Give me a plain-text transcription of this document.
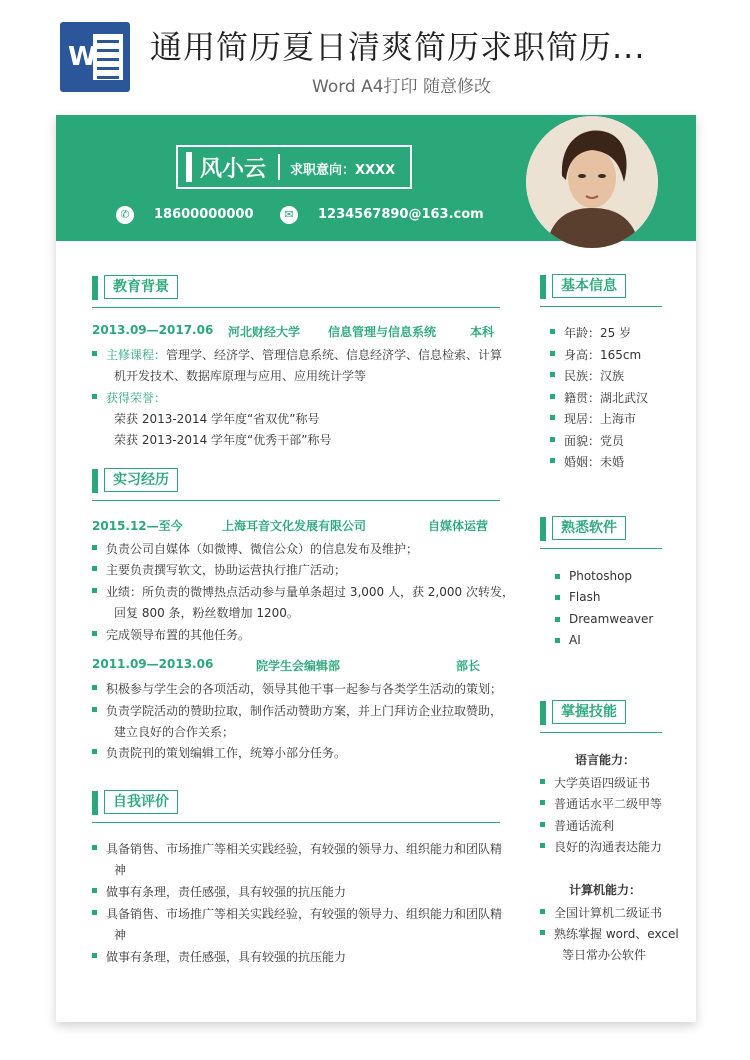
W 通用简历夏日清爽简历求职简历...
Word A4打印 随意修改
风小云 求职意向：XXXX
✆	18600000000	✉	1234567890@163.com
教育背景
2013.09—2017.06 河北财经大学 信息管理与信息系统	本科
主修课程：管理学、经济学、管理信息系统、信息经济学、信息检索、计算
机开发技术、数据库原理与应用、应用统计学等
获得荣誉：
荣获 2013-2014 学年度“省双优”称号
荣获 2013-2014 学年度“优秀干部”称号
实习经历
2015.12—至今	上海耳音文化发展有限公司	自媒体运营
负责公司自媒体（如微博、微信公众）的信息发布及维护；
主要负责撰写软文，协助运营执行推广活动；
业绩：所负责的微博热点活动参与量单条超过 3,000 人，获 2,000 次转发，
回复 800 条，粉丝数增加 1200。
完成领导布置的其他任务。
2011.09—2013.06	院学生会编辑部	部长
积极参与学生会的各项活动，领导其他干事一起参与各类学生活动的策划；
负责学院活动的赞助拉取，制作活动赞助方案，并上门拜访企业拉取赞助，
建立良好的合作关系；
负责院刊的策划编辑工作，统筹小部分任务。
自我评价
具备销售、市场推广等相关实践经验，有较强的领导力、组织能力和团队精
神
做事有条理，责任感强，具有较强的抗压能力
具备销售、市场推广等相关实践经验，有较强的领导力、组织能力和团队精
神
做事有条理，责任感强，具有较强的抗压能力
基本信息
年龄：25 岁
身高：165cm
民族：汉族
籍贯：湖北武汉
现居：上海市
面貌：党员
婚姻：未婚
熟悉软件
Photoshop
Flash
Dreamweaver
AI
掌握技能
语言能力：
大学英语四级证书
普通话水平二级甲等
普通话流利
良好的沟通表达能力
计算机能力：
全国计算机二级证书
熟练掌握 word、excel
等日常办公软件
